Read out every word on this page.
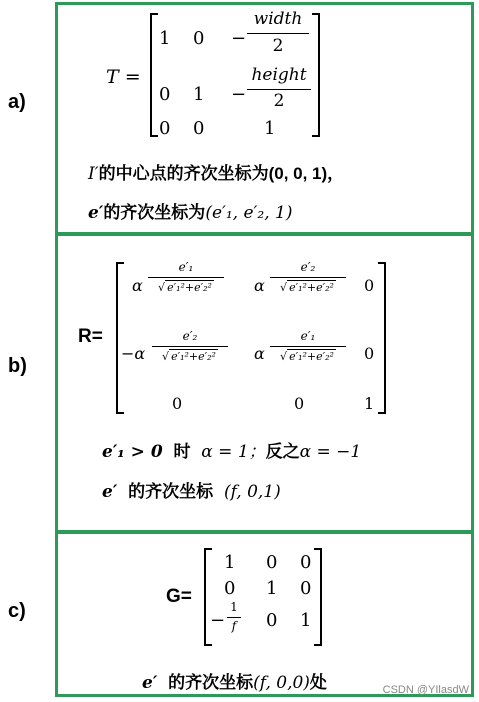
a)
b)
c)
T =
1 0 −
width
2
0 1 −
height
2
0 0	1
I′的中心点的齐次坐标为(0, 0, 1)，
e′的齐次坐标为(e′₁, e′₂, 1)
R=
α
e′₁
√ e′₁²+e′₂²	α
e′₂
√ e′₁²+e′₂²	0
−α
e′₂
√ e′₁²+e′₂²	α
e′₁
√ e′₁²+e′₂²	0
0	0	1
e′₁ > 0 时 α = 1；反之α = −1
e′ 的齐次坐标 (f, 0,1)
G=
1 0 0
0 1 0
−
1
f	0 1
e′ 的齐次坐标(f, 0,0)处	CSDN @YIlasdW
